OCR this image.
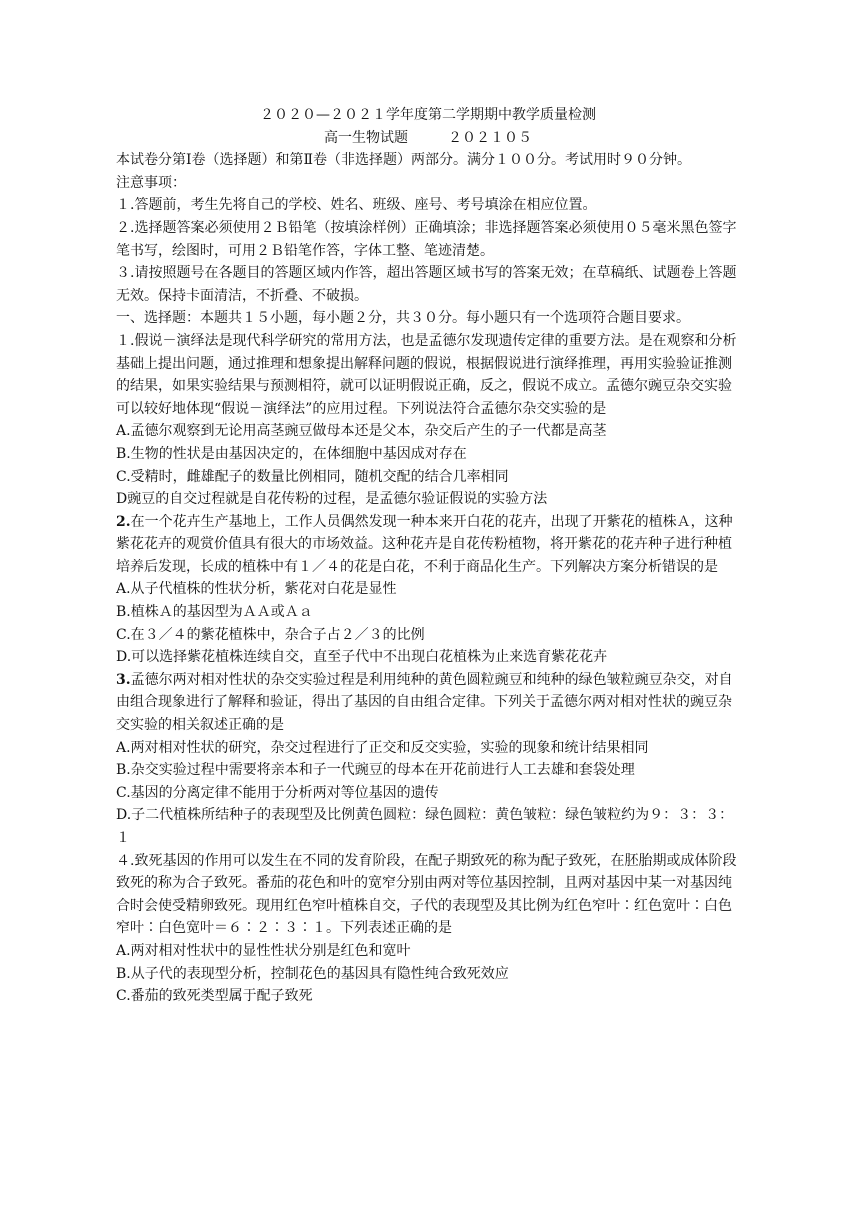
２０２０—２０２１学年度第二学期期中教学质量检测

高一生物试题	２０２１０５

本试卷分第Ⅰ卷（选择题）和第Ⅱ卷（非选择题）两部分。满分１００分。考试用时９０分钟。

注意事项：

１.答题前，考生先将自己的学校、姓名、班级、座号、考号填涂在相应位置。

２.选择题答案必须使用２Ｂ铅笔（按填涂样例）正确填涂；非选择题答案必须使用０５毫米黑色签字笔书写，绘图时，可用２Ｂ铅笔作答，字体工整、笔迹清楚。

３.请按照题号在各题目的答题区域内作答，超出答题区域书写的答案无效；在草稿纸、试题卷上答题无效。保持卡面清洁，不折叠、不破损。

一、选择题：本题共１５小题，每小题２分，共３０分。每小题只有一个选项符合题目要求。

１.假说－演绎法是现代科学研究的常用方法，也是孟德尔发现遗传定律的重要方法。是在观察和分析基础上提出问题，通过推理和想象提出解释问题的假说，根据假说进行演绎推理，再用实验验证推测的结果，如果实验结果与预测相符，就可以证明假说正确，反之，假说不成立。孟德尔豌豆杂交实验可以较好地体现“假说－演绎法”的应用过程。下列说法符合孟德尔杂交实验的是

A.孟德尔观察到无论用高茎豌豆做母本还是父本，杂交后产生的子一代都是高茎

B.生物的性状是由基因决定的，在体细胞中基因成对存在

C.受精时，雌雄配子的数量比例相同，随机交配的结合几率相同

D豌豆的自交过程就是自花传粉的过程，是孟德尔验证假说的实验方法

2.在一个花卉生产基地上，工作人员偶然发现一种本来开白花的花卉，出现了开紫花的植株Ａ，这种紫花花卉的观赏价值具有很大的市场效益。这种花卉是自花传粉植物，将开紫花的花卉种子进行种植培养后发现，长成的植株中有１／４的花是白花，不利于商品化生产。下列解决方案分析错误的是

A.从子代植株的性状分析，紫花对白花是显性

B.植株Ａ的基因型为ＡＡ或Ａａ

C.在３／４的紫花植株中，杂合子占２／３的比例

D.可以选择紫花植株连续自交，直至子代中不出现白花植株为止来选育紫花花卉

3.孟德尔两对相对性状的杂交实验过程是利用纯种的黄色圆粒豌豆和纯种的绿色皱粒豌豆杂交，对自由组合现象进行了解释和验证，得出了基因的自由组合定律。下列关于孟德尔两对相对性状的豌豆杂交实验的相关叙述正确的是

A.两对相对性状的研究，杂交过程进行了正交和反交实验，实验的现象和统计结果相同

B.杂交实验过程中需要将亲本和子一代豌豆的母本在开花前进行人工去雄和套袋处理

C.基因的分离定律不能用于分析两对等位基因的遗传

D.子二代植株所结种子的表现型及比例黄色圆粒：绿色圆粒：黄色皱粒：绿色皱粒约为９：３：３：１

４.致死基因的作用可以发生在不同的发育阶段，在配子期致死的称为配子致死，在胚胎期或成体阶段致死的称为合子致死。番茄的花色和叶的宽窄分别由两对等位基因控制，且两对基因中某一对基因纯合时会使受精卵致死。现用红色窄叶植株自交，子代的表现型及其比例为红色窄叶∶红色宽叶∶白色窄叶∶白色宽叶＝６∶２∶３∶１。下列表述正确的是

A.两对相对性状中的显性性状分别是红色和宽叶

B.从子代的表现型分析，控制花色的基因具有隐性纯合致死效应

C.番茄的致死类型属于配子致死
